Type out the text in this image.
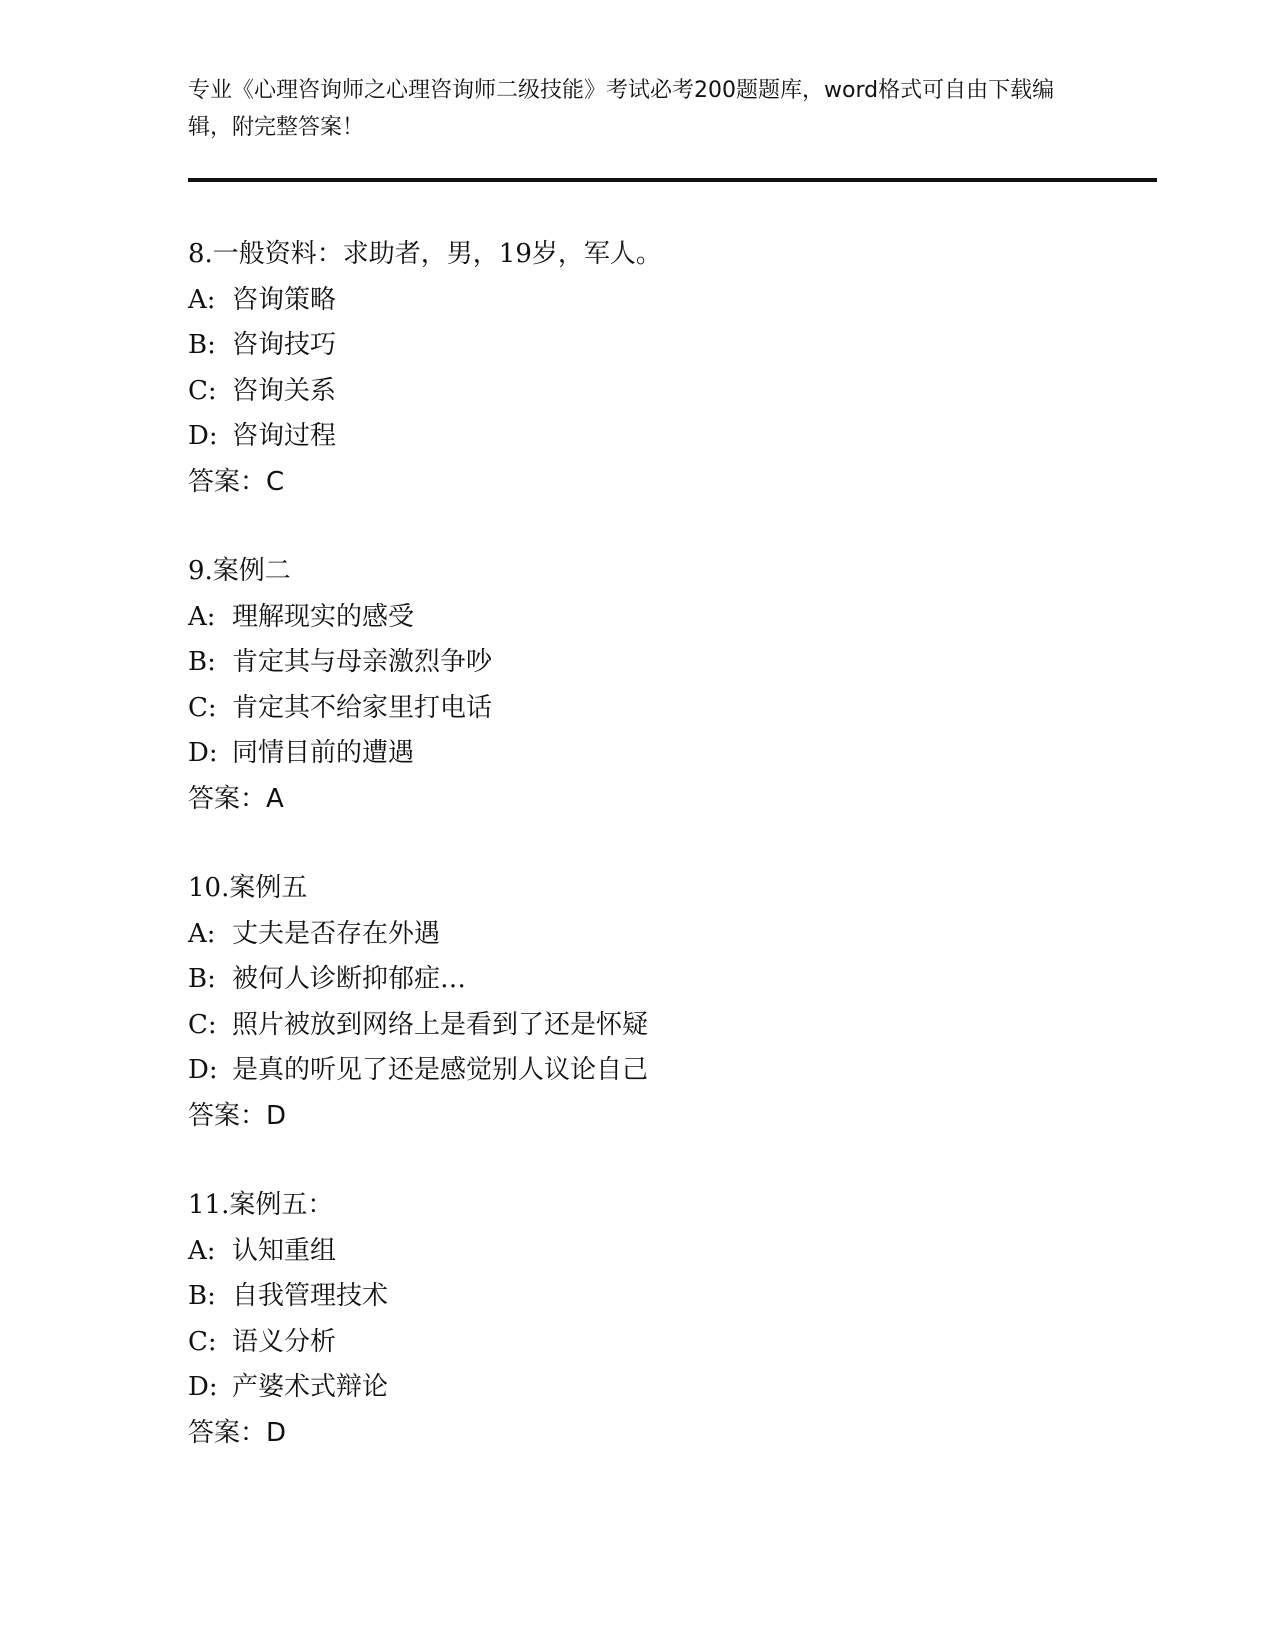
专业《心理咨询师之心理咨询师二级技能》考试必考200题题库，word格式可自由下载编辑，附完整答案！
8.一般资料：求助者，男，19岁，军人。
A: 咨询策略
B: 咨询技巧
C: 咨询关系
D: 咨询过程
答案：C
9.案例二
A: 理解现实的感受
B: 肯定其与母亲激烈争吵
C: 肯定其不给家里打电话
D: 同情目前的遭遇
答案：A
10.案例五
A: 丈夫是否存在外遇
B: 被何人诊断抑郁症…
C: 照片被放到网络上是看到了还是怀疑
D: 是真的听见了还是感觉别人议论自己
答案：D
11.案例五：
A: 认知重组
B: 自我管理技术
C: 语义分析
D: 产婆术式辩论
答案：D
